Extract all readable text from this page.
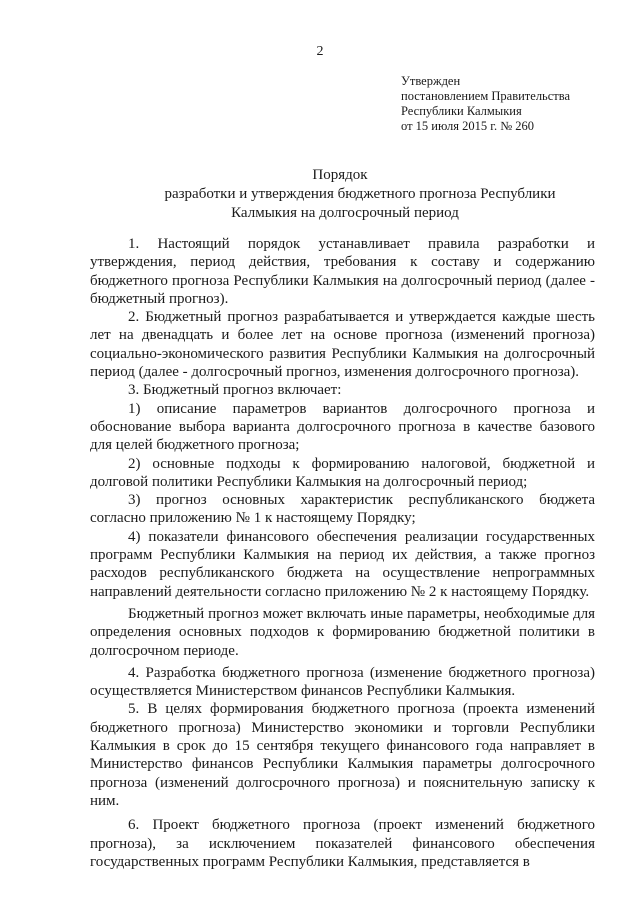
2
Утвержден
постановлением Правительства
Республики Калмыкия
от 15 июля 2015 г. № 260
Порядок
разработки и утверждения бюджетного прогноза Республики
Калмыкия на долгосрочный период

1. Настоящий порядок устанавливает правила разработки и утверждения, период действия, требования к составу и содержанию бюджетного прогноза Республики Калмыкия на долгосрочный период (далее - бюджетный прогноз).

2. Бюджетный прогноз разрабатывается и утверждается каждые шесть лет на двенадцать и более лет на основе прогноза (изменений прогноза) социально-экономического развития Республики Калмыкия на долгосрочный период (далее - долгосрочный прогноз, изменения долгосрочного прогноза).

3. Бюджетный прогноз включает:

1) описание параметров вариантов долгосрочного прогноза и обоснование выбора варианта долгосрочного прогноза в качестве базового для целей бюджетного прогноза;

2) основные подходы к формированию налоговой, бюджетной и долговой политики Республики Калмыкия на долгосрочный период;

3) прогноз основных характеристик республиканского бюджета согласно приложению № 1 к настоящему Порядку;

4) показатели финансового обеспечения реализации государственных программ Республики Калмыкия на период их действия, а также прогноз расходов республиканского бюджета на осуществление непрограммных направлений деятельности согласно приложению № 2 к настоящему Порядку.

Бюджетный прогноз может включать иные параметры, необходимые для определения основных подходов к формированию бюджетной политики в долгосрочном периоде.

4. Разработка бюджетного прогноза (изменение бюджетного прогноза) осуществляется Министерством финансов Республики Калмыкия.

5. В целях формирования бюджетного прогноза (проекта изменений бюджетного прогноза) Министерство экономики и торговли Республики Калмыкия в срок до 15 сентября текущего финансового года направляет в Министерство финансов Республики Калмыкия параметры долгосрочного прогноза (изменений долгосрочного прогноза) и пояснительную записку к ним.

6. Проект бюджетного прогноза (проект изменений бюджетного прогноза), за исключением показателей финансового обеспечения государственных программ Республики Калмыкия, представляется в
